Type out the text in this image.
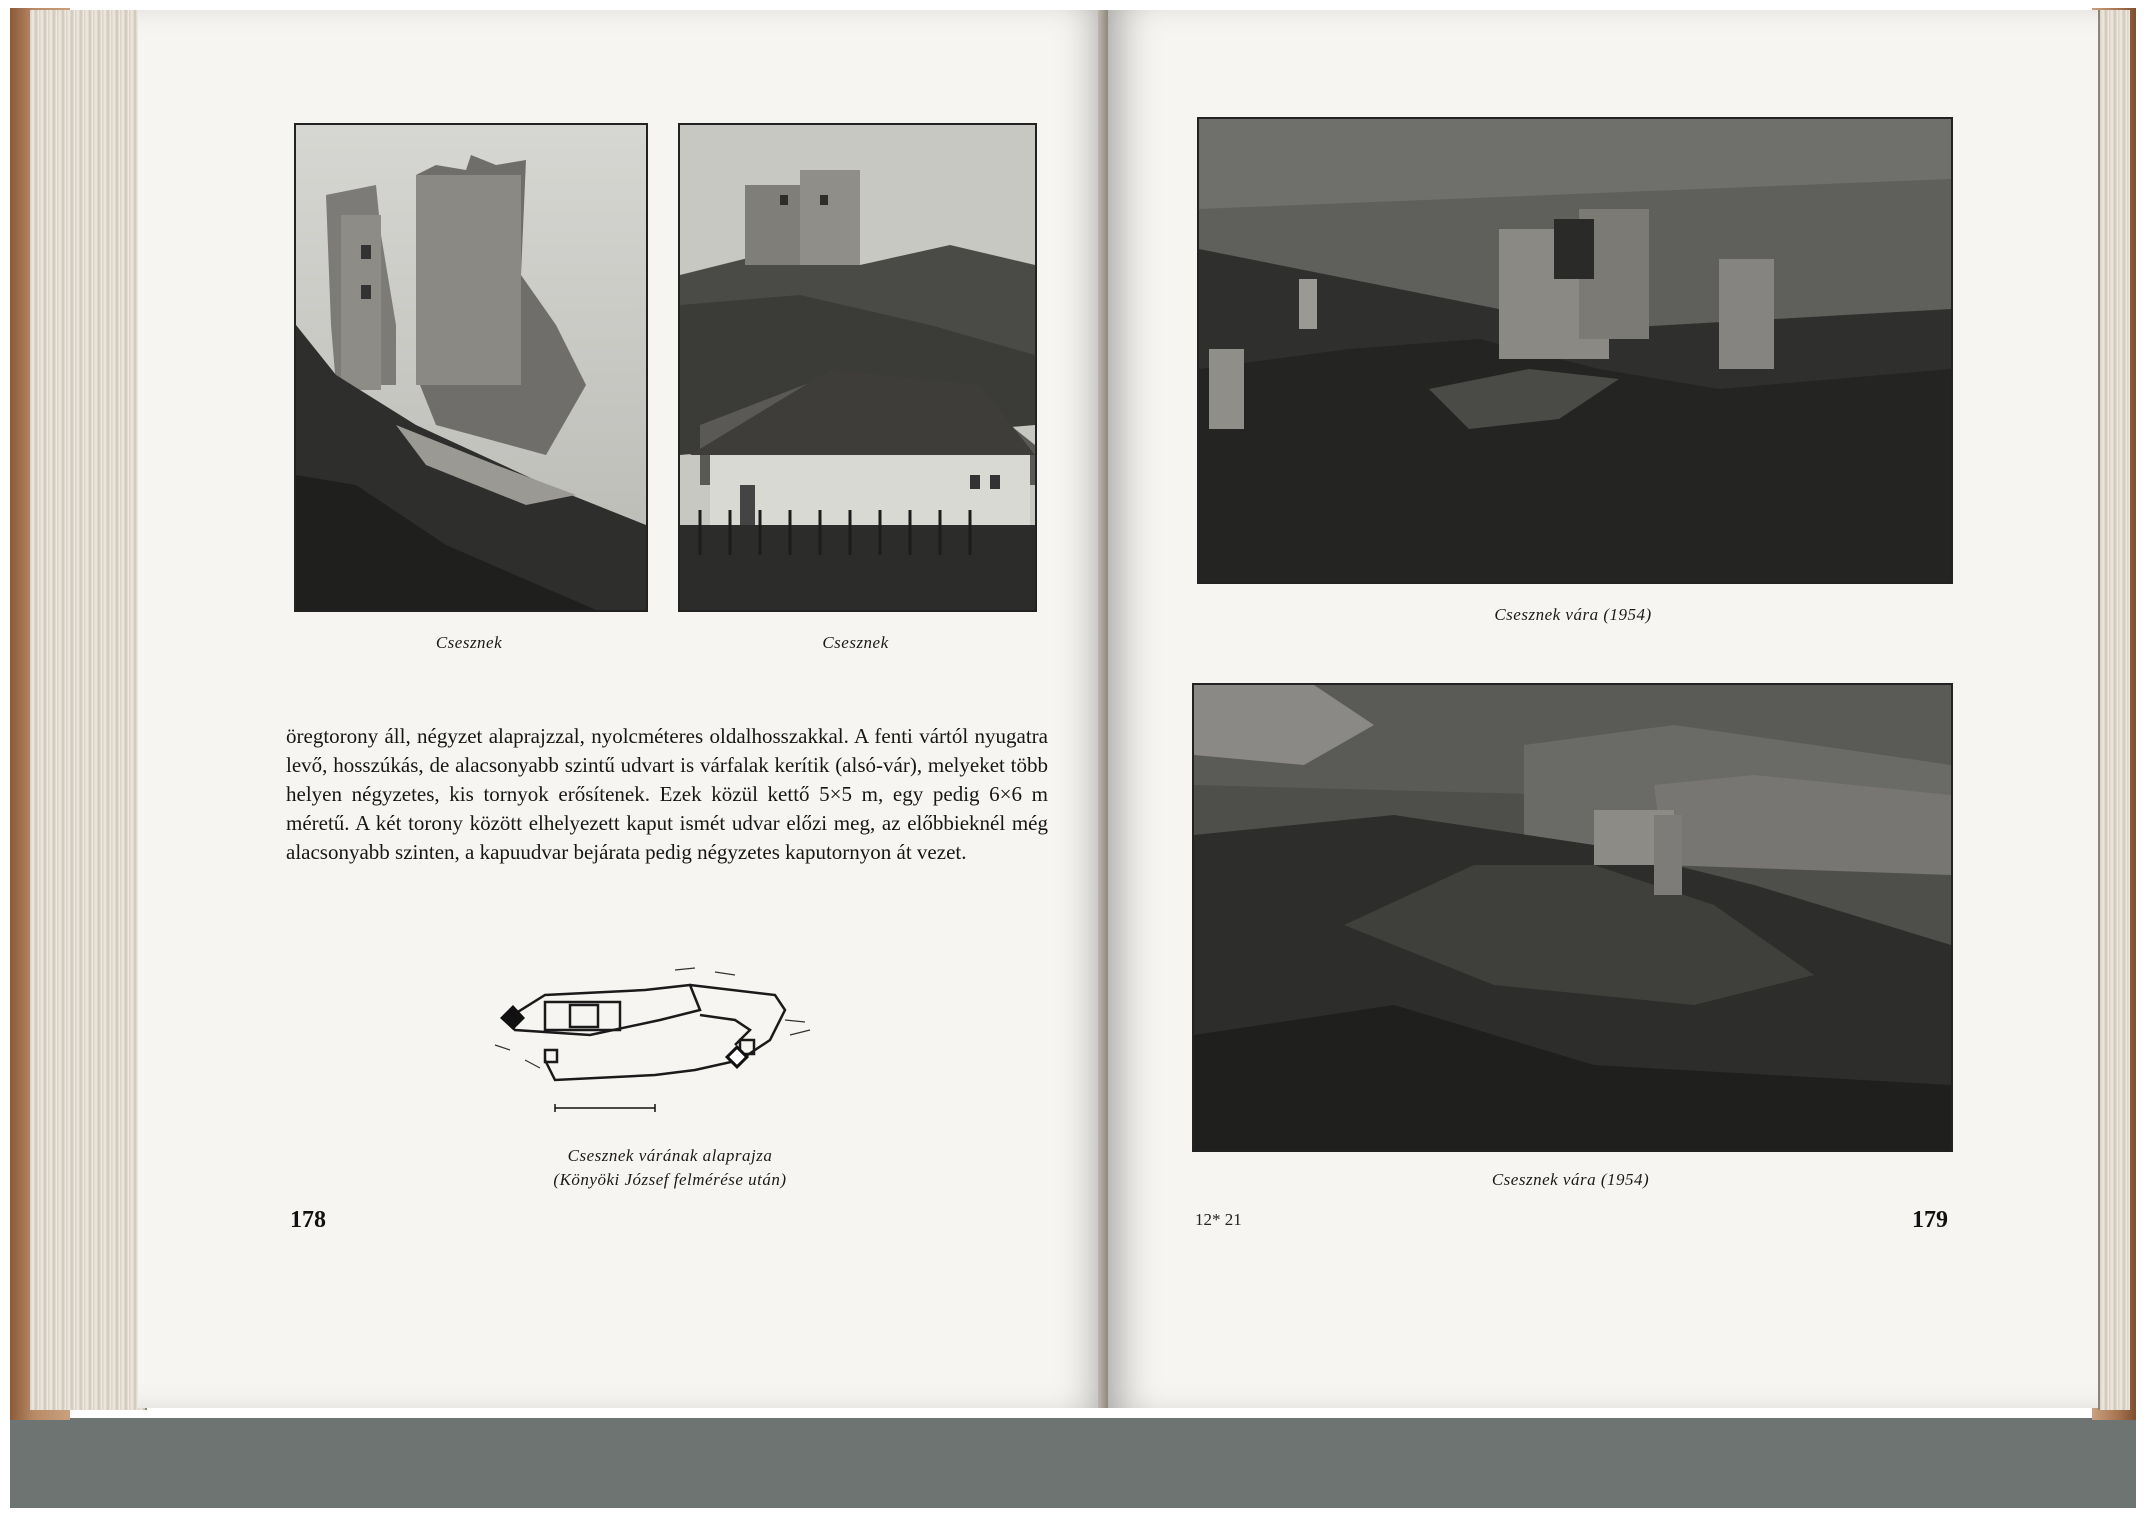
Csesznek	Csesznek

öregtorony áll, négyzet alaprajzzal, nyolcméteres oldalhosszakkal. A fenti vártól nyugatra levő, hosszúkás, de alacsonyabb szintű udvart is várfalak kerítik (alsó-vár), melyeket több helyen négyzetes, kis tornyok erősítenek. Ezek közül kettő 5×5 m, egy pedig 6×6 m méretű. A két torony között elhelyezett kaput ismét udvar előzi meg, az előbbieknél még alacsonyabb szinten, a kapuudvar bejárata pedig négyzetes kaputornyon át vezet.

Csesznek várának alaprajza
(Könyöki József felmérése után)
178
Csesznek vára (1954)
Csesznek vára (1954)
12* 21	179
